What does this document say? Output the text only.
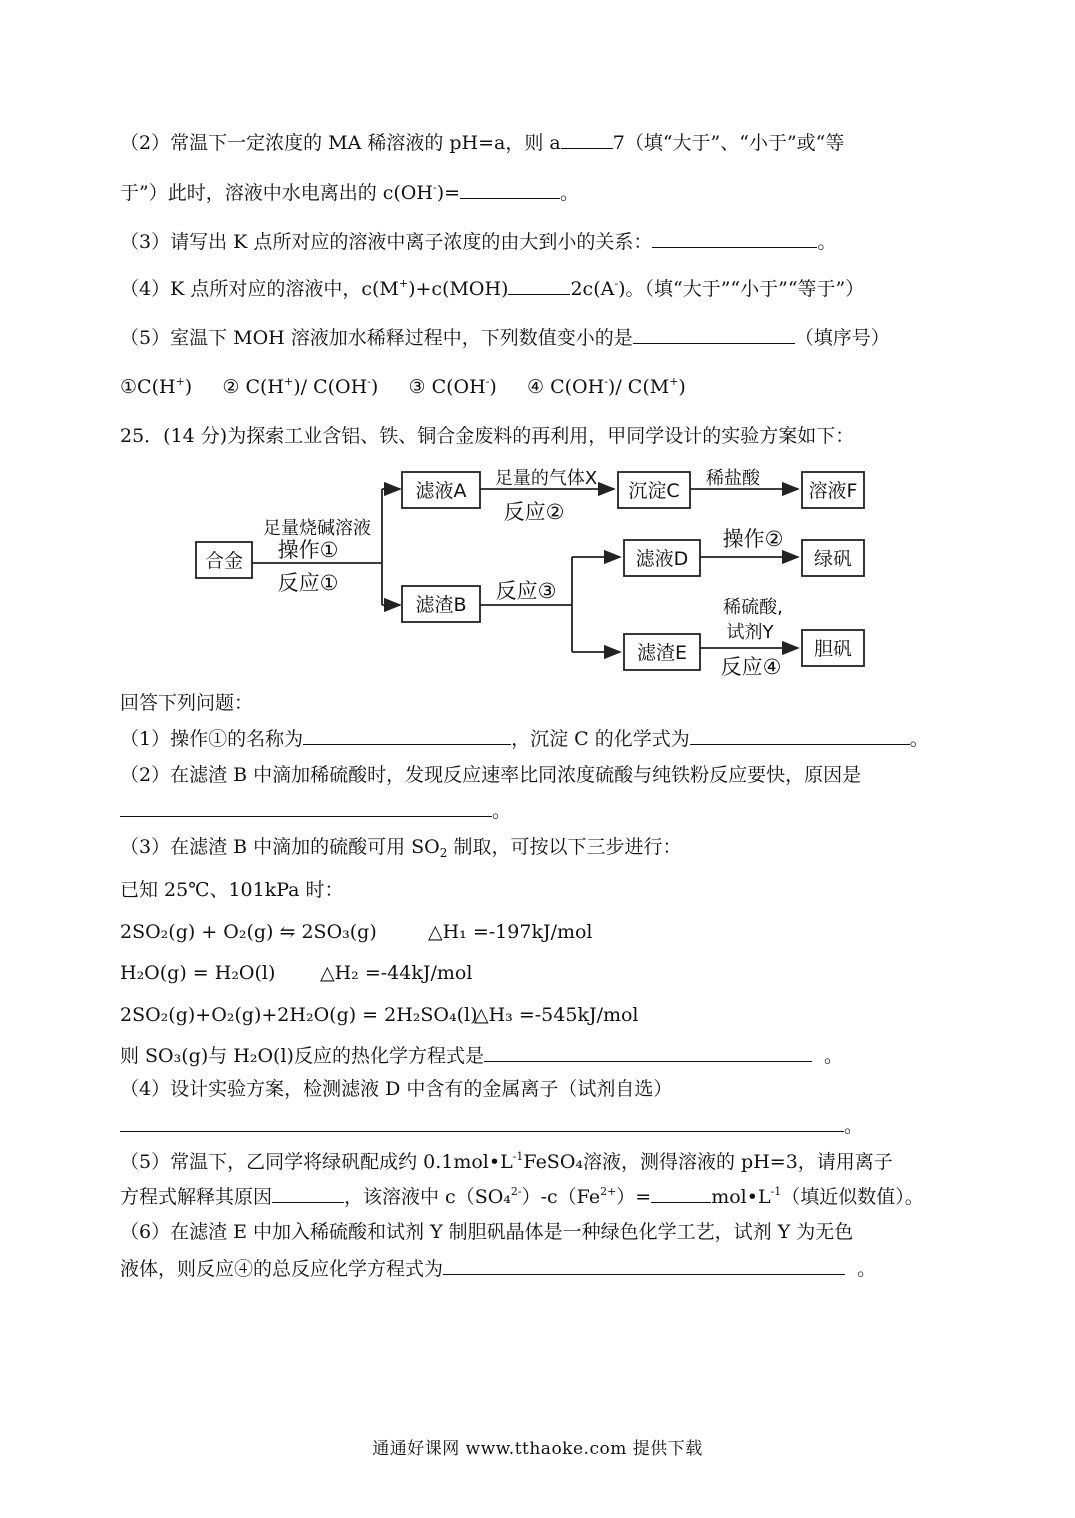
（2）常温下一定浓度的 MA 稀溶液的 pH=a，则 a	7（填“大于”、“小于”或“等
于”）此时，溶液中水电离出的 c(OH-)=	。
（3）请写出 K 点所对应的溶液中离子浓度的由大到小的关系：	。
（4）K 点所对应的溶液中，c(M+)+c(MOH)	2c(A-)。（填“大于”“小于”“等于”）
（5）室温下 MOH 溶液加水稀释过程中，下列数值变小的是	（填序号）
①C(H+)     ② C(H+)/ C(OH-)     ③ C(OH-)     ④ C(OH-)/ C(M+)
25．(14 分)为探索工业含铝、铁、铜合金废料的再利用，甲同学设计的实验方案如下：
合金
滤液A
滤渣B
沉淀C	溶液F
滤液D	绿矾
滤渣E	胆矾
足量烧碱溶液
操作①
反应①
足量的气体X
反应②
稀盐酸
反应③
操作②
稀硫酸,
试剂Y
反应④
回答下列问题：
（1）操作①的名称为	，沉淀 C 的化学式为	。
（2）在滤渣 B 中滴加稀硫酸时，发现反应速率比同浓度硫酸与纯铁粉反应要快，原因是
。
（3）在滤渣 B 中滴加的硫酸可用 $SO_2$ 制取，可按以下三步进行：
已知 25℃、101kPa 时：
2SO₂(g) + O₂(g) ⇋ 2SO₃(g)	△H₁ =-197kJ/mol
H₂O(g) = H₂O(l) △H₂ =-44kJ/mol
2SO₂(g)+O₂(g)+2H₂O(g) = 2H₂SO₄(l)
△H₃ =-545kJ/mol
则 SO₃(g)与 H₂O(l)反应的热化学方程式是	。
（4）设计实验方案，检测滤液 D 中含有的金属离子（试剂自选）
。
（5）常温下，乙同学将绿矾配成约 $0.1mol•L^{-1}FeSO_4$溶液，测得溶液的 pH=3，请用离子
方程式解释其原因	，该溶液中 $c(SO_4^{2-})-c(Fe^{2+})=$	$mol•L^{-1}$（填近似数值）。
（6）在滤渣 E 中加入稀硫酸和试剂 Y 制胆矾晶体是一种绿色化学工艺，试剂 Y 为无色
液体，则反应④的总反应化学方程式为	。
通通好课网 www.tthaoke.com 提供下载
